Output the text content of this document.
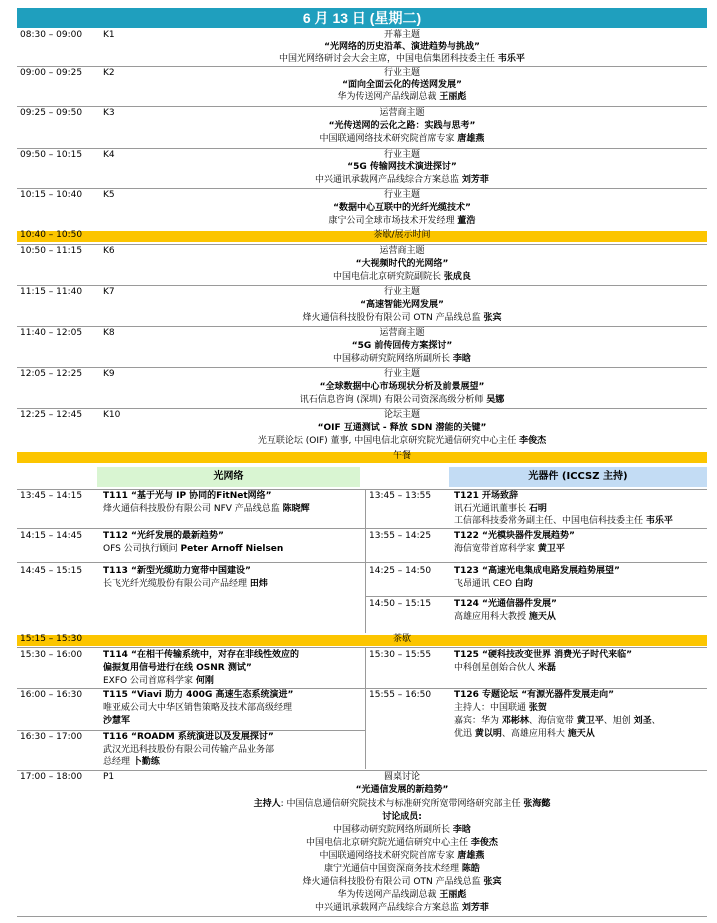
6 月 13 日 (星期二)
08:30 – 09:00 K1	开幕主题
“光网络的历史沿革、演进趋势与挑战”
中国光网络研讨会大会主席，中国电信集团科技委主任 韦乐平
09:00 – 09:25 K2	行业主题
“面向全面云化的传送网发展”
华为传送网产品线副总裁 王丽彪
09:25 – 09:50 K3	运营商主题
“光传送网的云化之路：实践与思考”
中国联通网络技术研究院首席专家 唐雄燕
09:50 – 10:15 K4	行业主题
“5G 传输网技术演进探讨”
中兴通讯承载网产品线综合方案总监 刘芳菲
10:15 – 10:40 K5	行业主题
“数据中心互联中的光纤光缆技术”
康宁公司全球市场技术开发经理 董浩
10:40 – 10:50	茶歇/展示时间
10:50 – 11:15 K6	运营商主题
“大视频时代的光网络”
中国电信北京研究院副院长 张成良
11:15 – 11:40 K7	行业主题
“高速智能光网发展”
烽火通信科技股份有限公司 OTN 产品线总监 张宾
11:40 – 12:05 K8	运营商主题
“5G 前传回传方案探讨”
中国移动研究院网络所副所长 李晗
12:05 – 12:25 K9	行业主题
“全球数据中心市场现状分析及前景展望”
讯石信息咨询 (深圳) 有限公司资深高级分析师 吴娜
12:25 – 12:45 K10	论坛主题
“OIF 互通测试 - 释放 SDN 潜能的关键”
光互联论坛 (OIF) 董事, 中国电信北京研究院光通信研究中心主任 李俊杰
午餐
光网络	光器件 (ICCSZ 主持)
13:45 – 14:15 T111 “基于光与 IP 协同的FitNet网络”
烽火通信科技股份有限公司 NFV 产品线总监 陈晓辉
14:15 – 14:45 T112 “光纤发展的最新趋势”
OFS 公司执行顾问 Peter Arnoff Nielsen
14:45 – 15:15 T113 “新型光缆助力宽带中国建设”
长飞光纤光缆股份有限公司产品经理 田炜
13:45 – 13:55	T121 开场致辞
讯石光通讯董事长 石明
工信部科技委常务副主任、中国电信科技委主任 韦乐平
13:55 – 14:25	T122 “光模块器件发展趋势”
海信宽带首席科学家 黄卫平
14:25 – 14:50	T123 “高速光电集成电路发展趋势展望”
飞昂通讯 CEO 白昀
14:50 – 15:15	T124 “光通信器件发展”
高雄应用科大教授 施天从
15:15 – 15:30	茶歇
15:30 – 16:00 T114 “在相干传输系统中，对存在非线性效应的
偏振复用信号进行在线 OSNR 测试”
EXFO 公司首席科学家 何刚
16:00 – 16:30 T115 “Viavi 助力 400G 高速生态系统演进”
唯亚威公司大中华区销售策略及技术部高级经理
沙慧军
16:30 – 17:00 T116 “ROADM 系统演进以及发展探讨”
武汉光迅科技股份有限公司传输产品业务部
总经理 卜勤练
15:30 – 15:55	T125 “硬科技改变世界 消费光子时代来临”
中科创星创始合伙人 米磊
15:55 – 16:50	T126 专题论坛 “有源光器件发展走向”
主持人：中国联通 张贺
嘉宾：华为 邓彬林、海信宽带 黄卫平、旭创 刘圣、
优迅 黄以明、高雄应用科大 施天从
17:00 – 18:00 P1	圆桌讨论
“光通信发展的新趋势”
主持人: 中国信息通信研究院技术与标准研究所宽带网络研究部主任 张海懿
讨论成员:
中国移动研究院网络所副所长 李晗
中国电信北京研究院光通信研究中心主任 李俊杰
中国联通网络技术研究院首席专家 唐雄燕
康宁光通信中国资深商务技术经理 陈皓
烽火通信科技股份有限公司 OTN 产品线总监 张宾
华为传送网产品线副总裁 王丽彪
中兴通讯承载网产品线综合方案总监 刘芳菲
